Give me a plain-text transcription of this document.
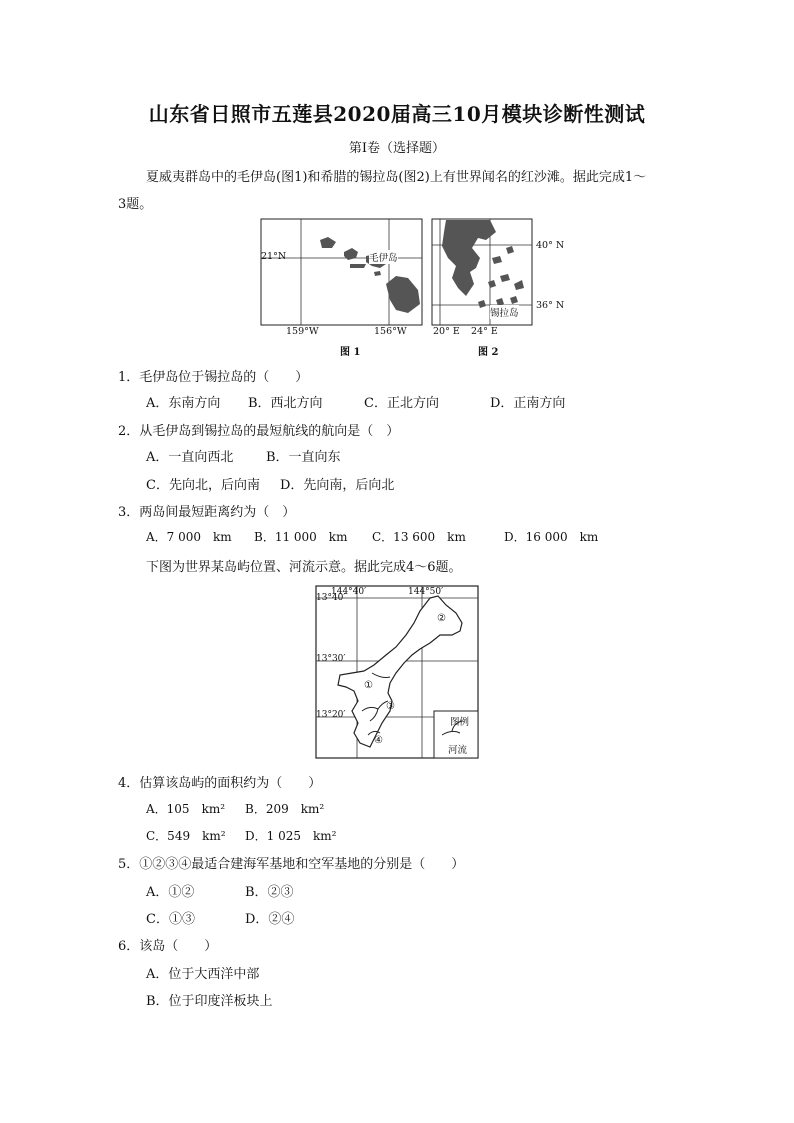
山东省日照市五莲县2020届高三10月模块诊断性测试
第Ⅰ卷（选择题）
夏威夷群岛中的毛伊岛(图1)和希腊的锡拉岛(图2)上有世界闻名的红沙滩。据此完成1～
3题。
21°N	毛伊岛
159°W	156°W
图 1
40° N
36° N
锡拉岛
20° E 24° E
图 2
1．毛伊岛位于锡拉岛的（　　）
A．东南方向 B．西北方向	C．正北方向	D．正南方向
2．从毛伊岛到锡拉岛的最短航线的航向是（　）
A．一直向西北	B．一直向东
C．先向北，后向南 D．先向南，后向北
3．两岛间最短距离约为（　）
A．7 000　km B．11 000　km C．13 600　km	D．16 000　km
下图为世界某岛屿位置、河流示意。据此完成4～6题。
144°40′	144°50′
13°40′
13°30′
13°20′
①
②
③
④
图例
河流
4．估算该岛屿的面积约为（　　）
A．105　km² B．209　km²
C．549　km² D．1 025　km²
5．①②③④最适合建海军基地和空军基地的分别是（　　）
A．①②	B．②③
C．①③	D．②④
6．该岛（　　）
A．位于大西洋中部
B．位于印度洋板块上
